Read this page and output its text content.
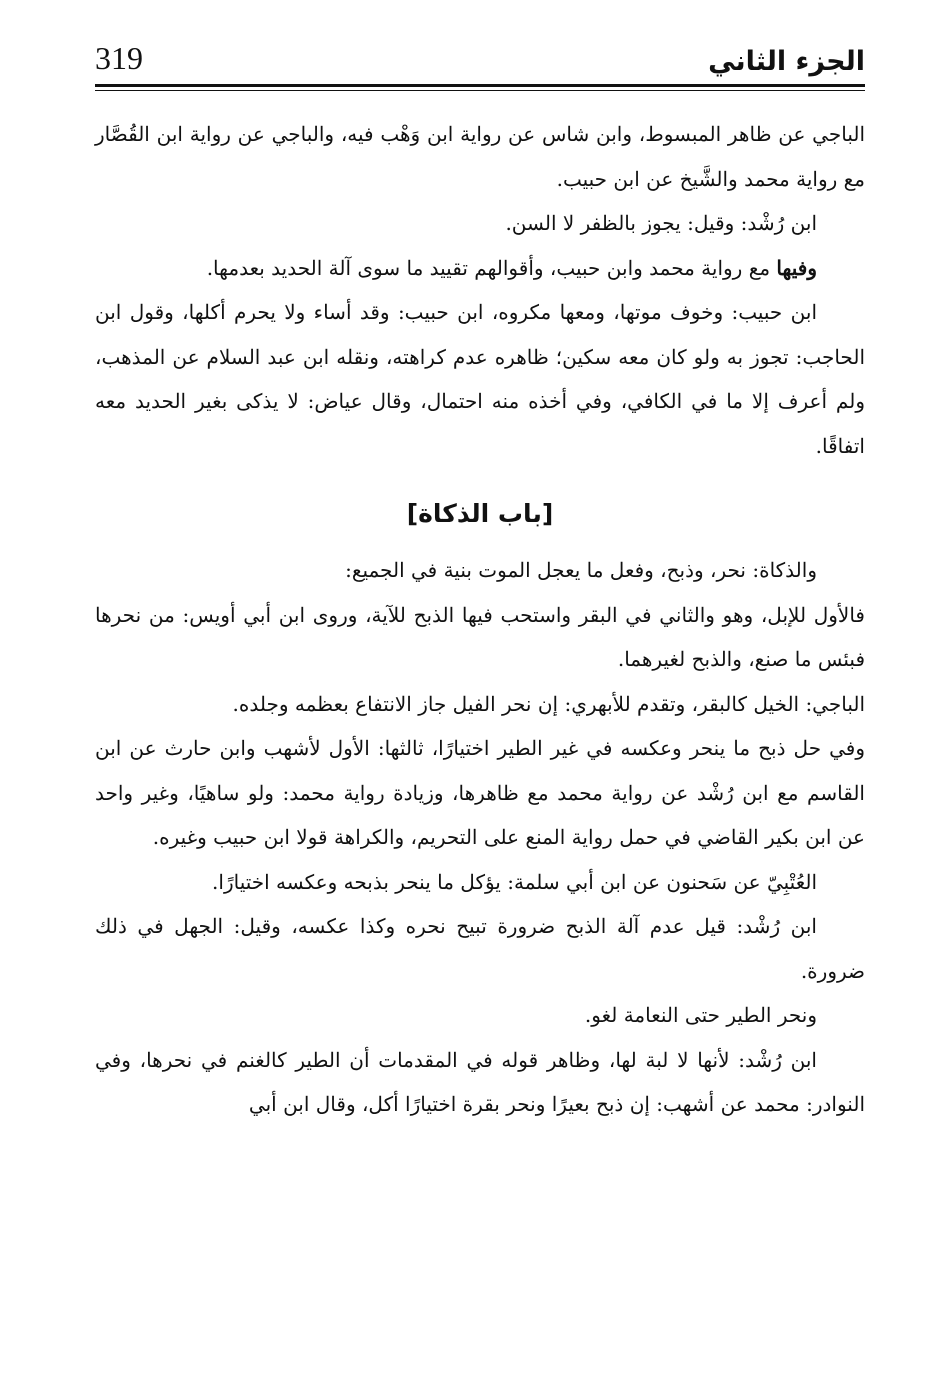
319	الجزء الثاني

الباجي عن ظاهر المبسوط، وابن شاس عن رواية ابن وَهْب فيه، والباجي عن رواية ابن القُصَّار مع رواية محمد والشَّيخ عن ابن حبيب.

ابن رُشْد: وقيل: يجوز بالظفر لا السن.

وفيها مع رواية محمد وابن حبيب، وأقوالهم تقييد ما سوى آلة الحديد بعدمها.

ابن حبيب: وخوف موتها، ومعها مكروه، ابن حبيب: وقد أساء ولا يحرم أكلها، وقول ابن الحاجب: تجوز به ولو كان معه سكين؛ ظاهره عدم كراهته، ونقله ابن عبد السلام عن المذهب، ولم أعرف إلا ما في الكافي، وفي أخذه منه احتمال، وقال عياض: لا يذكى بغير الحديد معه اتفاقًا.

[باب الذكاة]

والذكاة: نحر، وذبح، وفعل ما يعجل الموت بنية في الجميع:

فالأول للإبل، وهو والثاني في البقر واستحب فيها الذبح للآية، وروى ابن أبي أويس: من نحرها فبئس ما صنع، والذبح لغيرهما.

الباجي: الخيل كالبقر، وتقدم للأبهري: إن نحر الفيل جاز الانتفاع بعظمه وجلده.

وفي حل ذبح ما ينحر وعكسه في غير الطير اختيارًا، ثالثها: الأول لأشهب وابن حارث عن ابن القاسم مع ابن رُشْد عن رواية محمد مع ظاهرها، وزيادة رواية محمد: ولو ساهيًا، وغير واحد عن ابن بكير القاضي في حمل رواية المنع على التحريم، والكراهة قولا ابن حبيب وغيره.

العُتْبِيّ عن سَحنون عن ابن أبي سلمة: يؤكل ما ينحر بذبحه وعكسه اختيارًا.

ابن رُشْد: قيل عدم آلة الذبح ضرورة تبيح نحره وكذا عكسه، وقيل: الجهل في ذلك ضرورة.

ونحر الطير حتى النعامة لغو.

ابن رُشْد: لأنها لا لبة لها، وظاهر قوله في المقدمات أن الطير كالغنم في نحرها، وفي النوادر: محمد عن أشهب: إن ذبح بعيرًا ونحر بقرة اختيارًا أكل، وقال ابن أبي
